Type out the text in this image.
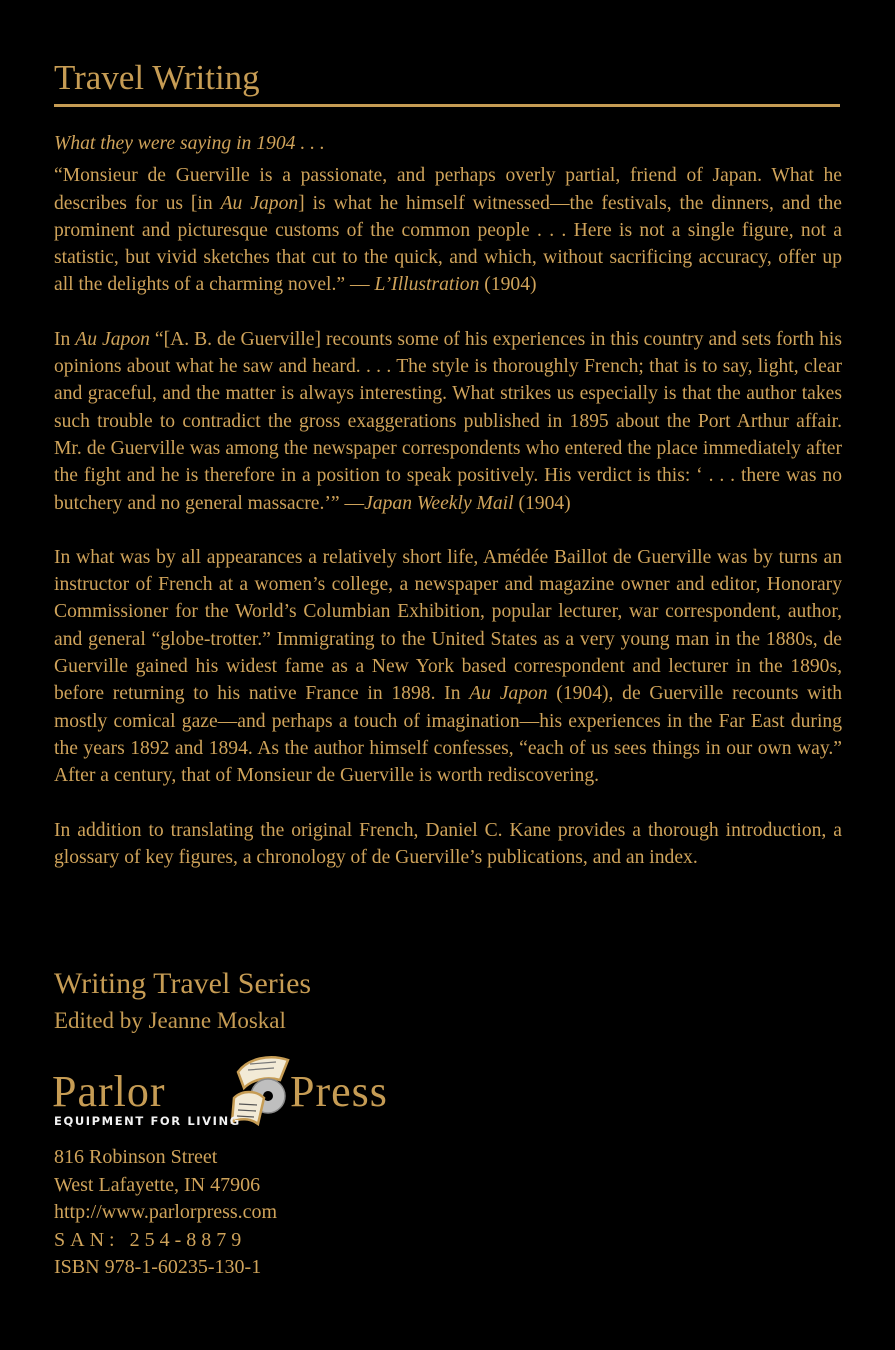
Travel Writing

What they were saying in 1904 . . .

“Monsieur de Guerville is a passionate, and perhaps overly partial, friend of Japan. What he describes for us [in Au Japon] is what he himself witnessed—the festivals, the dinners, and the prominent and picturesque customs of the common people . . . Here is not a single figure, not a statistic, but vivid sketches that cut to the quick, and which, without sacrificing accuracy, offer up all the delights of a charming novel.” — L’Illustration (1904)

In Au Japon “[A. B. de Guerville] recounts some of his experiences in this country and sets forth his opinions about what he saw and heard. . . . The style is thoroughly French; that is to say, light, clear and graceful, and the matter is always interesting. What strikes us especially is that the author takes such trouble to contradict the gross exaggerations published in 1895 about the Port Arthur affair. Mr. de Guerville was among the newspaper correspondents who entered the place immediately after the fight and he is therefore in a position to speak positively. His verdict is this: ‘ . . . there was no butchery and no general massacre.’” —Japan Weekly Mail (1904)

In what was by all appearances a relatively short life, Amédée Baillot de Guerville was by turns an instructor of French at a women’s college, a newspaper and magazine owner and editor, Honorary Commissioner for the World’s Columbian Exhibition, popular lecturer, war correspondent, author, and general “globe-trotter.” Immigrating to the United States as a very young man in the 1880s, de Guerville gained his widest fame as a New York based correspondent and lecturer in the 1890s, before returning to his native France in 1898. In Au Japon (1904), de Guerville recounts with mostly comical gaze—and perhaps a touch of imagination—his experiences in the Far East during the years 1892 and 1894. As the author himself confesses, “each of us sees things in our own way.” After a century, that of Monsieur de Guerville is worth rediscovering.

In addition to translating the original French, Daniel C. Kane provides a thorough introduction, a glossary of key figures, a chronology of de Guerville’s publications, and an index.

Writing Travel Series
Edited by Jeanne Moskal
Parlor	Press
EQUIPMENT FOR LIVING
816 Robinson Street
West Lafayette, IN 47906
http://www.parlorpress.com
SAN: 254-8879
ISBN 978-1-60235-130-1
